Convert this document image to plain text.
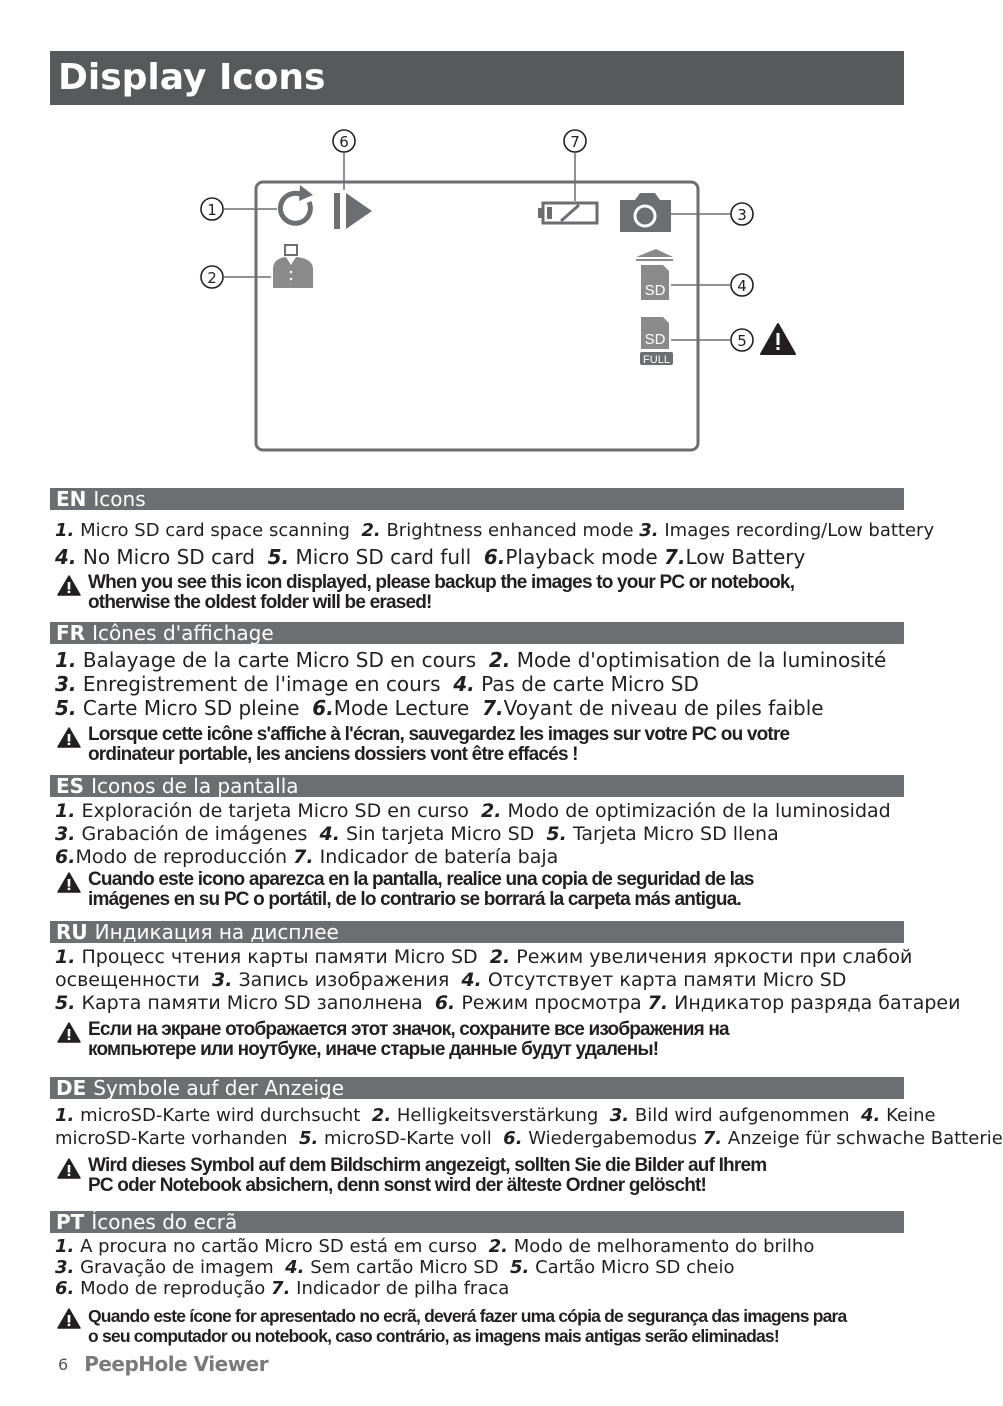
Display Icons
SD
SD
FULL
1
2
3
4
5
6	7
EN Icons
1. Micro SD card space scanning  2. Brightness enhanced mode 3. Images recording/Low battery
4. No Micro SD card  5. Micro SD card full  6.Playback mode 7.Low Battery
When you see this icon displayed, please backup the images to your PC or notebook,
otherwise the oldest folder will be erased!
FR Icônes d'affichage
1. Balayage de la carte Micro SD en cours  2. Mode d'optimisation de la luminosité
3. Enregistrement de l'image en cours  4. Pas de carte Micro SD
5. Carte Micro SD pleine  6.Mode Lecture  7.Voyant de niveau de piles faible
Lorsque cette icône s'affiche à l'écran, sauvegardez les images sur votre PC ou votre
ordinateur portable, les anciens dossiers vont être effacés !
ES Iconos de la pantalla
1. Exploración de tarjeta Micro SD en curso  2. Modo de optimización de la luminosidad
3. Grabación de imágenes  4. Sin tarjeta Micro SD  5. Tarjeta Micro SD llena
6.Modo de reproducción 7. Indicador de batería baja
Cuando este icono aparezca en la pantalla, realice una copia de seguridad de las
imágenes en su PC o portátil, de lo contrario se borrará la carpeta más antigua.
RU Индикация на дисплее
1. Процесс чтения карты памяти Micro SD  2. Режим увеличения яркости при слабой
освещенности  3. Запись изображения  4. Отсутствует карта памяти Micro SD
5. Карта памяти Micro SD заполнена  6. Режим просмотра 7. Индикатор разряда батареи
Если на экране отображается этот значок, сохраните все изображения на
компьютере или ноутбуке, иначе старые данные будут удалены!
DE Symbole auf der Anzeige
1. microSD-Karte wird durchsucht  2. Helligkeitsverstärkung  3. Bild wird aufgenommen  4. Keine
microSD-Karte vorhanden  5. microSD-Karte voll  6. Wiedergabemodus 7. Anzeige für schwache Batterie
Wird dieses Symbol auf dem Bildschirm angezeigt, sollten Sie die Bilder auf Ihrem
PC oder Notebook absichern, denn sonst wird der älteste Ordner gelöscht!
PT Ícones do ecrã
1. A procura no cartão Micro SD está em curso  2. Modo de melhoramento do brilho
3. Gravação de imagem  4. Sem cartão Micro SD  5. Cartão Micro SD cheio
6. Modo de reprodução 7. Indicador de pilha fraca
Quando este ícone for apresentado no ecrã, deverá fazer uma cópia de segurança das imagens para
o seu computador ou notebook, caso contrário, as imagens mais antigas serão eliminadas!
6 PeepHole Viewer
